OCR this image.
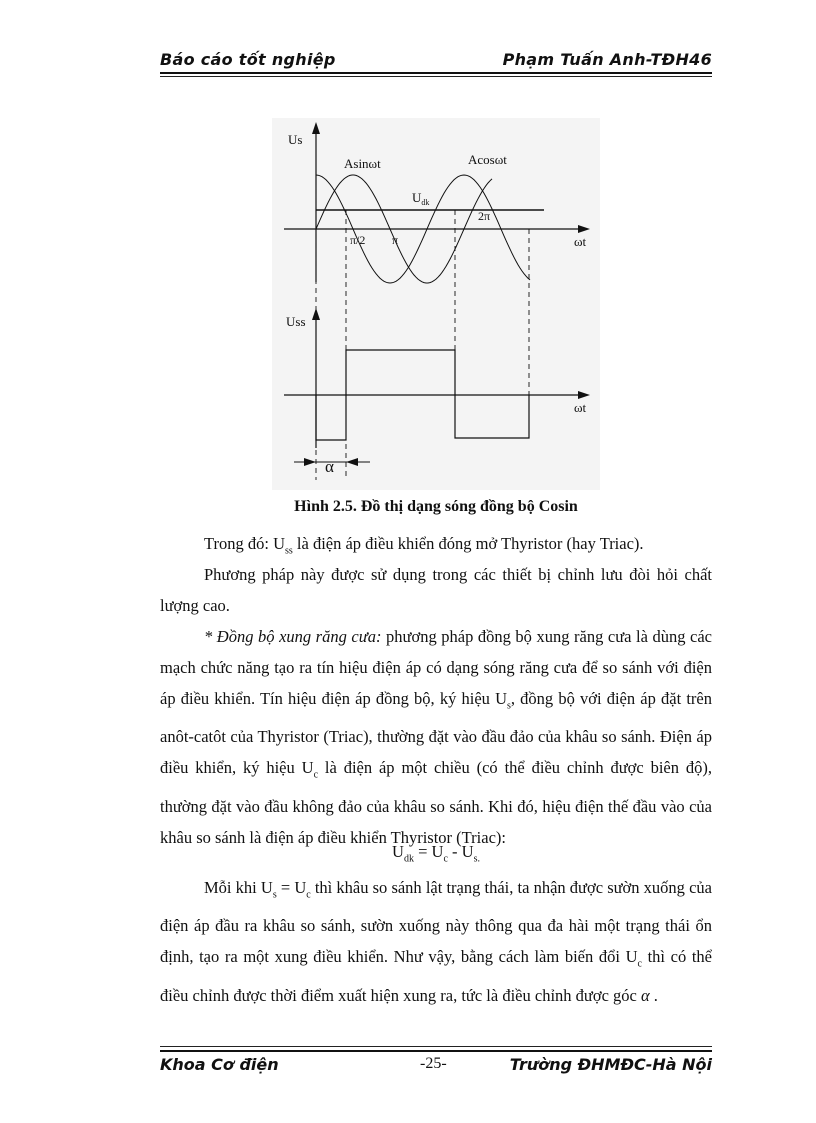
Báo cáo tốt nghiệp	Phạm Tuấn Anh-TĐH46
Us
ωt
Asinωt	Acosωt
$U_{dk}$
π/2 π
2π
Uss
ωt
α
Hình 2.5. Đồ thị dạng sóng đồng bộ Cosin
Trong đó: $U_{ss}$ là điện áp điều khiển đóng mở Thyristor (hay Triac).
Phương pháp này được sử dụng trong các thiết bị chỉnh lưu đòi hỏi chất lượng cao.
* Đồng bộ xung răng cưa: phương pháp đồng bộ xung răng cưa là dùng các mạch chức năng tạo ra tín hiệu điện áp có dạng sóng răng cưa để so sánh với điện áp điều khiển. Tín hiệu điện áp đồng bộ, ký hiệu $U_s$, đồng bộ với điện áp đặt trên anôt-catôt của Thyristor (Triac), thường đặt vào đầu đảo của khâu so sánh. Điện áp điều khiển, ký hiệu $U_c$ là điện áp một chiều (có thể điều chỉnh được biên độ), thường đặt vào đầu không đảo của khâu so sánh. Khi đó, hiệu điện thế đầu vào của khâu so sánh là điện áp điều khiển Thyristor (Triac):
$U_{dk} = U_c - U_{s.}$
Mỗi khi $U_s = U_c$ thì khâu so sánh lật trạng thái, ta nhận được sườn xuống của điện áp đầu ra khâu so sánh, sườn xuống này thông qua đa hài một trạng thái ổn định, tạo ra một xung điều khiển. Như vậy, bằng cách làm biến đổi $U_c$ thì có thể điều chỉnh được thời điểm xuất hiện xung ra, tức là điều chỉnh được góc α .
Khoa Cơ điện	-25-	Trường ĐHMĐC-Hà Nội
